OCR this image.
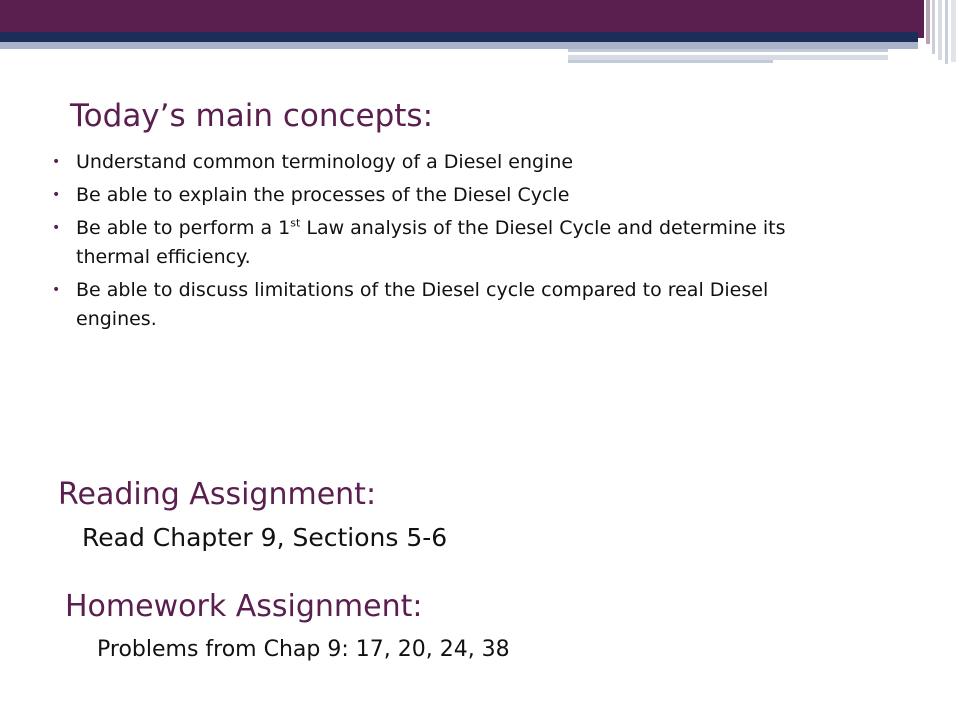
Today’s main concepts:
• Understand common terminology of a Diesel engine
• Be able to explain the processes of the Diesel Cycle
• Be able to perform a 1st Law analysis of the Diesel Cycle and determine its thermal efficiency.
• Be able to discuss limitations of the Diesel cycle compared to real Diesel engines.
Reading Assignment:
Read Chapter 9, Sections 5-6
Homework Assignment:
Problems from Chap 9: 17, 20, 24, 38
